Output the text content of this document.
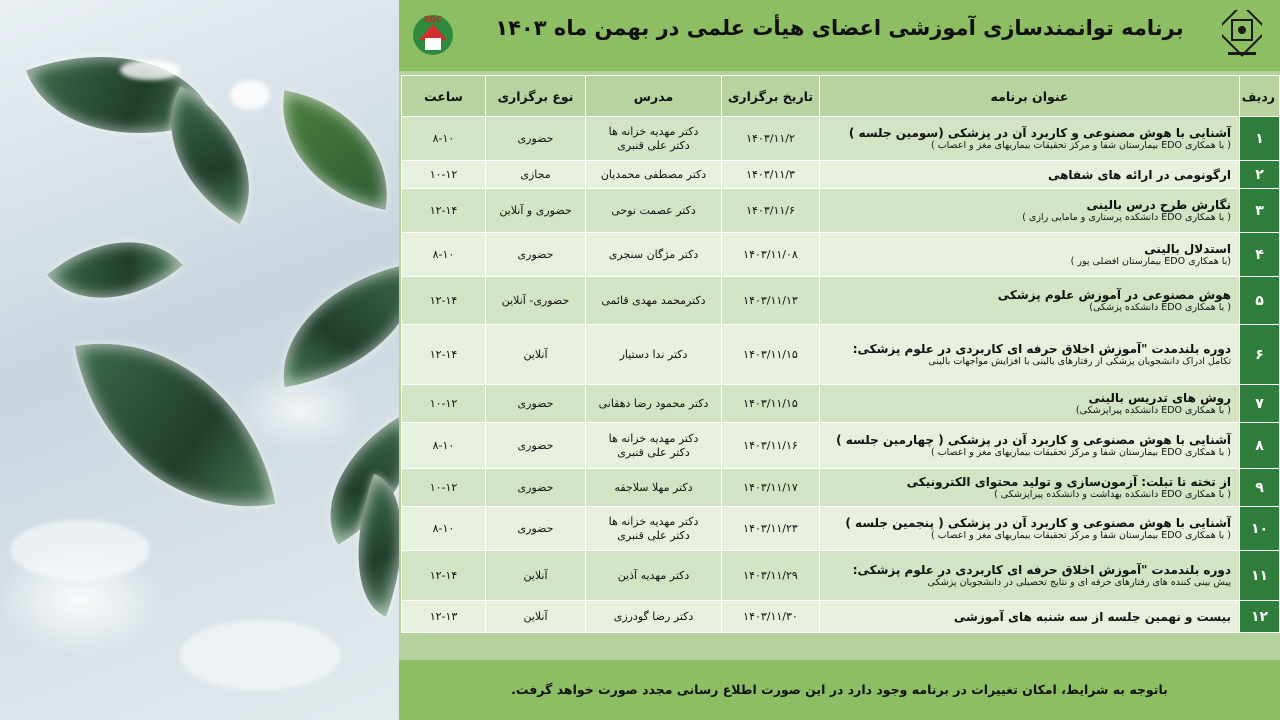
EDC	برنامه توانمندسازی آموزشی اعضای هیأت علمی در بهمن ماه ۱۴۰۳
ردیف	عنوان برنامه	تاریخ برگزاری	مدرس	نوع برگزاری	ساعت
۱	آشنایی با هوش مصنوعی و کاربرد آن در پزشکی (سومین جلسه )
( با همکاری EDO بیمارستان شفا و مرکز تحقیقات بیماریهای مغز و اعصاب )	۱۴۰۳/۱۱/۲	دکتر مهدیه خزانه ها
دکتر علی قنبری	حضوری	۸-۱۰
۲	ارگونومی در ارائه های شفاهی	۱۴۰۳/۱۱/۳	دکتر مصطفی محمدیان	مجازی	۱۰-۱۲
۳	نگارش طرح درس بالینی
( با همکاری EDO دانشکده پرستاری و مامایی رازی )	۱۴۰۳/۱۱/۶	دکتر عصمت نوحی	حضوری و آنلاین	۱۲-۱۴
۴	استدلال بالینی
(با همکاری EDO بیمارستان افضلی پور )	۱۴۰۳/۱۱/۰۸	دکتر مژگان سنجری	حضوری	۸-۱۰
۵	هوش مصنوعی در آموزش علوم پزشکی
( با همکاری EDO دانشکده پزشکی)	۱۴۰۳/۱۱/۱۳	دکترمحمد مهدی قائمی	حضوری- آنلاین	۱۲-۱۴
۶	دوره بلندمدت "آموزش اخلاق حرفه ای کاربردی در علوم پزشکی:
تکامل ادراک دانشجویان پزشکی از رفتارهای بالینی با افزایش مواجهات بالینی	۱۴۰۳/۱۱/۱۵	دکتر ندا دستیار	آنلاین	۱۲-۱۴
۷	روش های تدریس بالینی
( با همکاری EDO دانشکده پیراپزشکی)	۱۴۰۳/۱۱/۱۵	دکتر محمود رضا دهقانی	حضوری	۱۰-۱۲
۸	آشنایی با هوش مصنوعی و کاربرد آن در پزشکی ( چهارمین جلسه )
( با همکاری EDO بیمارستان شفا و مرکز تحقیقات بیماریهای مغز و اعصاب )	۱۴۰۳/۱۱/۱۶	دکتر مهدیه خزانه ها
دکتر علی قنبری	حضوری	۸-۱۰
۹	از تخته تا تبلت: آزمون‌سازی و تولید محتوای الکترونیکی
( با همکاری EDO دانشکده بهداشت و دانشکده پیراپزشکی )	۱۴۰۳/۱۱/۱۷	دکتر مهلا سلاجقه	حضوری	۱۰-۱۲
۱۰	آشنایی با هوش مصنوعی و کاربرد آن در پزشکی ( پنجمین جلسه )
( با همکاری EDO بیمارستان شفا و مرکز تحقیقات بیماریهای مغز و اعصاب )	۱۴۰۳/۱۱/۲۳	دکتر مهدیه خزانه ها
دکتر علی قنبری	حضوری	۸-۱۰
۱۱	دوره بلندمدت "آموزش اخلاق حرفه ای کاربردی در علوم پزشکی:
پیش بینی کننده های رفتارهای حرفه ای و نتایج تحصیلی در دانشجویان پزشکی	۱۴۰۳/۱۱/۲۹	دکتر مهدیه آذین	آنلاین	۱۲-۱۴
۱۲	بیست و نهمین جلسه از سه شنبه های آموزشی	۱۴۰۳/۱۱/۳۰	دکتر رضا گودرزی	آنلاین	۱۲-۱۳
باتوجه به شرایط، امکان تغییرات در برنامه وجود دارد در این صورت اطلاع رسانی مجدد صورت خواهد گرفت.
